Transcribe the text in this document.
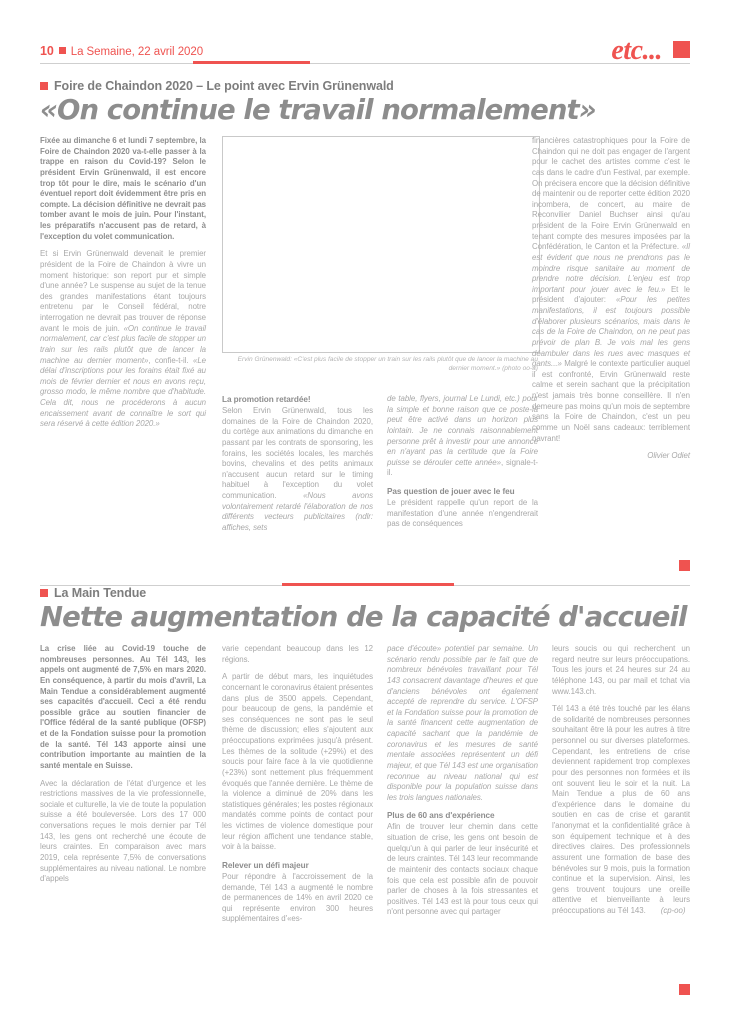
10 La Semaine, 22 avril 2020	etc...
Foire de Chaindon 2020 – Le point avec Ervin Grünenwald
«On continue le travail normalement»
Ervin Grünenwald: «C'est plus facile de stopper un train sur les rails plutôt que de lancer la machine au dernier moment.» (photo oo-a)

Fixée au dimanche 6 et lundi 7 septembre, la Foire de Chaindon 2020 va-t-elle passer à la trappe en raison du Covid-19? Selon le président Ervin Grünenwald, il est encore trop tôt pour le dire, mais le scénario d'un éventuel report doit évidemment être pris en compte. La décision définitive ne devrait pas tomber avant le mois de juin. Pour l'instant, les préparatifs n'accusent pas de retard, à l'exception du volet communication.

Et si Ervin Grünenwald devenait le premier président de la Foire de Chaindon à vivre un moment historique: son report pur et simple d'une année? Le suspense au sujet de la tenue des grandes manifestations étant toujours entretenu par le Conseil fédéral, notre interrogation ne devrait pas trouver de réponse avant le mois de juin. «On continue le travail normalement, car c'est plus facile de stopper un train sur les rails plutôt que de lancer la machine au dernier moment», confie-t-il. «Le délai d'inscriptions pour les forains était fixé au mois de février dernier et nous en avons reçu, grosso modo, le même nombre que d'habitude. Cela dit, nous ne procéderons à aucun encaissement avant de connaître le sort qui sera réservé à cette édition 2020.»

La promotion retardée!

Selon Ervin Grünenwald, tous les domaines de la Foire de Chaindon 2020, du cortège aux animations du dimanche en passant par les contrats de sponsoring, les forains, les sociétés locales, les marchés bovins, chevalins et des petits animaux n'accusent aucun retard sur le timing habituel à l'exception du volet communication. «Nous avons volontairement retardé l'élaboration de nos différents vecteurs publicitaires (ndlr: affiches, sets

de table, flyers, journal Le Lundi, etc.) pour la simple et bonne raison que ce poste-là peut être activé dans un horizon plus lointain. Je ne connais raisonnablement personne prêt à investir pour une annonce en n'ayant pas la certitude que la Foire puisse se dérouler cette année», signale-t-il.

Pas question de jouer avec le feu

Le président rappelle qu'un report de la manifestation d'une année n'engendrerait pas de conséquences

financières catastrophiques pour la Foire de Chaindon qui ne doit pas engager de l'argent pour le cachet des artistes comme c'est le cas dans le cadre d'un Festival, par exemple. On précisera encore que la décision définitive de maintenir ou de reporter cette édition 2020 incombera, de concert, au maire de Reconvilier Daniel Buchser ainsi qu'au président de la Foire Ervin Grünenwald en tenant compte des mesures imposées par la Confédération, le Canton et la Préfecture. «Il est évident que nous ne prendrons pas le moindre risque sanitaire au moment de prendre notre décision. L'enjeu est trop important pour jouer avec le feu.» Et le président d'ajouter: «Pour les petites manifestations, il est toujours possible d'élaborer plusieurs scénarios, mais dans le cas de la Foire de Chaindon, on ne peut pas prévoir de plan B. Je vois mal les gens déambuler dans les rues avec masques et gants...» Malgré le contexte particulier auquel il est confronté, Ervin Grünenwald reste calme et serein sachant que la précipitation n'est jamais très bonne conseillère. Il n'en demeure pas moins qu'un mois de septembre sans la Foire de Chaindon, c'est un peu comme un Noël sans cadeaux: terriblement navrant!

Olivier Odiet

La Main Tendue
Nette augmentation de la capacité d'accueil

La crise liée au Covid-19 touche de nombreuses personnes. Au Tél 143, les appels ont augmenté de 7,5% en mars 2020. En conséquence, à partir du mois d'avril, La Main Tendue a considérablement augmenté ses capacités d'accueil. Ceci a été rendu possible grâce au soutien financier de l'Office fédéral de la santé publique (OFSP) et de la Fondation suisse pour la promotion de la santé. Tél 143 apporte ainsi une contribution importante au maintien de la santé mentale en Suisse.

Avec la déclaration de l'état d'urgence et les restrictions massives de la vie professionnelle, sociale et culturelle, la vie de toute la population suisse a été bouleversée. Lors des 17 000 conversations reçues le mois dernier par Tél 143, les gens ont recherché une écoute de leurs craintes. En comparaison avec mars 2019, cela représente 7,5% de conversations supplémentaires au niveau national. Le nombre d'appels

varie cependant beaucoup dans les 12 régions.

A partir de début mars, les inquiétudes concernant le coronavirus étaient présentes dans plus de 3500 appels. Cependant, pour beaucoup de gens, la pandémie et ses conséquences ne sont pas le seul thème de discussion; elles s'ajoutent aux préoccupations exprimées jusqu'à présent. Les thèmes de la solitude (+29%) et des soucis pour faire face à la vie quotidienne (+23%) sont nettement plus fréquemment évoqués que l'année dernière. Le thème de la violence a diminué de 20% dans les statistiques générales; les postes régionaux mandatés comme points de contact pour les victimes de violence domestique pour leur région affichent une tendance stable, voir à la baisse.

Relever un défi majeur

Pour répondre à l'accroissement de la demande, Tél 143 a augmenté le nombre de permanences de 14% en avril 2020 ce qui représente environ 300 heures supplémentaires d'«es-

pace d'écoute» potentiel par semaine. Un scénario rendu possible par le fait que de nombreux bénévoles travaillant pour Tél 143 consacrent davantage d'heures et que d'anciens bénévoles ont également accepté de reprendre du service. L'OFSP et la Fondation suisse pour la promotion de la santé financent cette augmentation de capacité sachant que la pandémie de coronavirus et les mesures de santé mentale associées représentent un défi majeur, et que Tél 143 est une organisation reconnue au niveau national qui est disponible pour la population suisse dans les trois langues nationales.

Plus de 60 ans d'expérience

Afin de trouver leur chemin dans cette situation de crise, les gens ont besoin de quelqu'un à qui parler de leur insécurité et de leurs craintes. Tél 143 leur recommande de maintenir des contacts sociaux chaque fois que cela est possible afin de pouvoir parler de choses à la fois stressantes et positives. Tél 143 est là pour tous ceux qui n'ont personne avec qui partager

leurs soucis ou qui recherchent un regard neutre sur leurs préoccupations. Tous les jours et 24 heures sur 24 au téléphone 143, ou par mail et tchat via www.143.ch.

Tél 143 a été très touché par les élans de solidarité de nombreuses personnes souhaitant être là pour les autres à titre personnel ou sur diverses plateformes. Cependant, les entretiens de crise deviennent rapidement trop complexes pour des personnes non formées et ils ont souvent lieu le soir et la nuit. La Main Tendue a plus de 60 ans d'expérience dans le domaine du soutien en cas de crise et garantit l'anonymat et la confidentialité grâce à son équipement technique et à des directives claires. Des professionnels assurent une formation de base des bénévoles sur 9 mois, puis la formation continue et la supervision. Ainsi, les gens trouvent toujours une oreille attentive et bienveillante à leurs préoccupations au Tél 143. (cp-oo)
